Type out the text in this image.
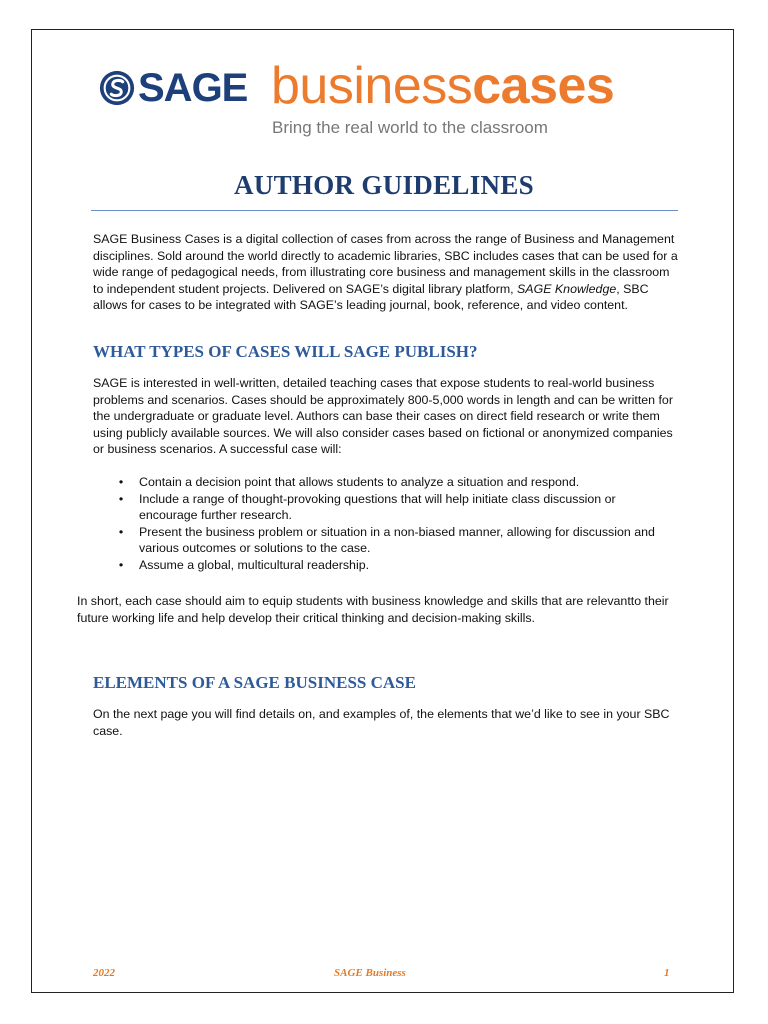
SAGE businesscases
Bring the real world to the classroom
AUTHOR GUIDELINES

SAGE Business Cases is a digital collection of cases from across the range of Business and Management disciplines. Sold around the world directly to academic libraries, SBC includes cases that can be used for a wide range of pedagogical needs, from illustrating core business and management skills in the classroom to independent student projects. Delivered on SAGE’s digital library platform, SAGE Knowledge, SBC allows for cases to be integrated with SAGE’s leading journal, book, reference, and video content.

WHAT TYPES OF CASES WILL SAGE PUBLISH?

SAGE is interested in well-written, detailed teaching cases that expose students to real-world business problems and scenarios. Cases should be approximately 800-5,000 words in length and can be written for the undergraduate or graduate level. Authors can base their cases on direct field research or write them using publicly available sources. We will also consider cases based on fictional or anonymized companies or business scenarios. A successful case will:

• Contain a decision point that allows students to analyze a situation and respond.
• Include a range of thought-provoking questions that will help initiate class discussion or encourage further research.
• Present the business problem or situation in a non-biased manner, allowing for discussion and various outcomes or solutions to the case.
• Assume a global, multicultural readership.

In short, each case should aim to equip students with business knowledge and skills that are relevantto their future working life and help develop their critical thinking and decision-making skills.

ELEMENTS OF A SAGE BUSINESS CASE

On the next page you will find details on, and examples of, the elements that we’d like to see in your SBC case.

2022	SAGE Business	1
